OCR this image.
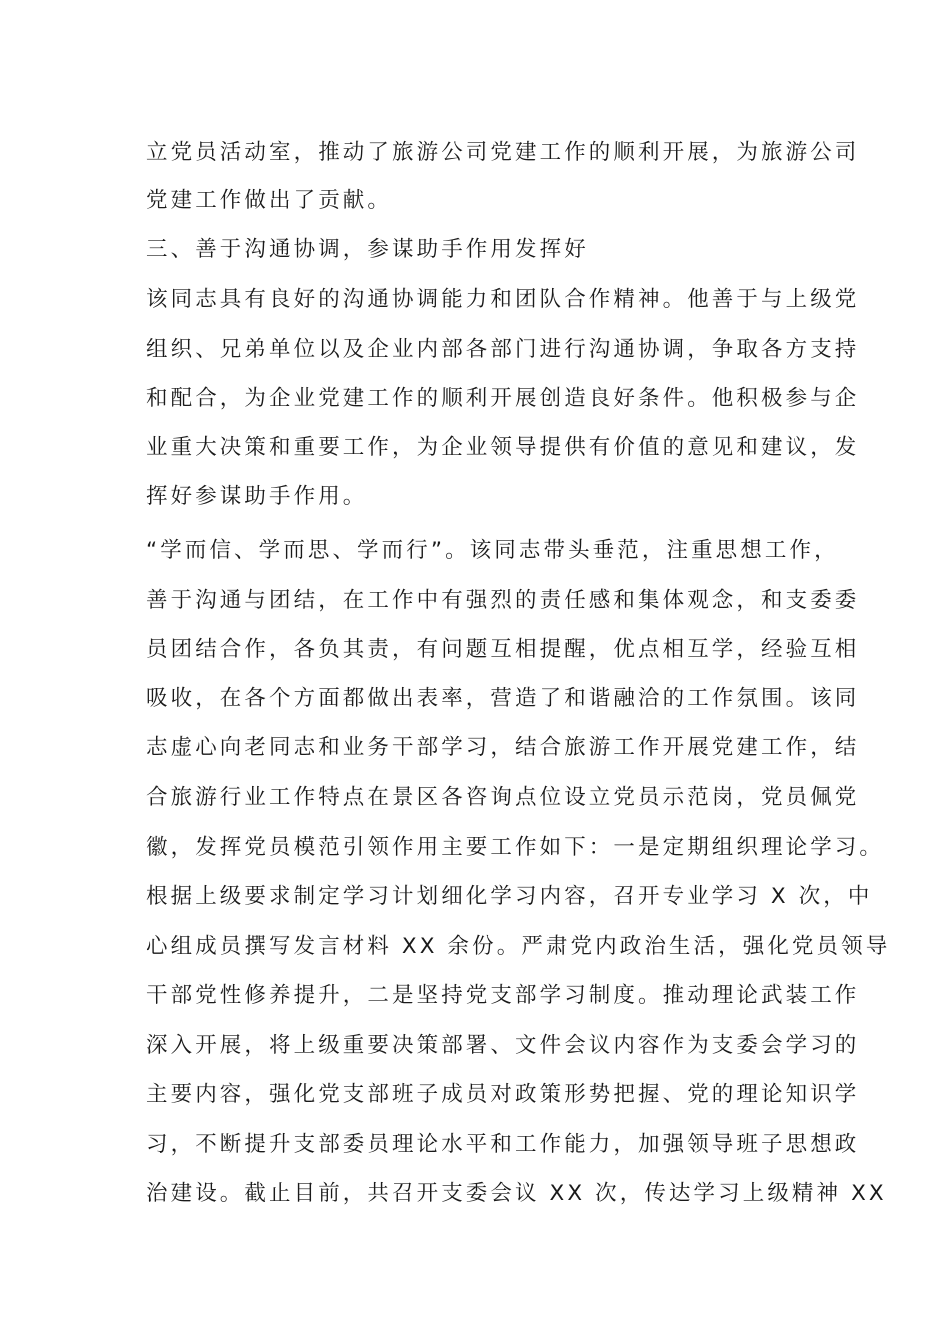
立党员活动室，推动了旅游公司党建工作的顺利开展，为旅游公司
党建工作做出了贡献。
三、善于沟通协调，参谋助手作用发挥好
该同志具有良好的沟通协调能力和团队合作精神。他善于与上级党
组织、兄弟单位以及企业内部各部门进行沟通协调，争取各方支持
和配合，为企业党建工作的顺利开展创造良好条件。他积极参与企
业重大决策和重要工作，为企业领导提供有价值的意见和建议，发
挥好参谋助手作用。
“学而信、学而思、学而行”。该同志带头垂范，注重思想工作，
善于沟通与团结，在工作中有强烈的责任感和集体观念，和支委委
员团结合作，各负其责，有问题互相提醒，优点相互学，经验互相
吸收，在各个方面都做出表率，营造了和谐融洽的工作氛围。该同
志虚心向老同志和业务干部学习，结合旅游工作开展党建工作，结
合旅游行业工作特点在景区各咨询点位设立党员示范岗，党员佩党
徽，发挥党员模范引领作用主要工作如下：一是定期组织理论学习。
根据上级要求制定学习计划细化学习内容，召开专业学习 X 次，中
心组成员撰写发言材料 XX 余份。严肃党内政治生活，强化党员领导
干部党性修养提升，二是坚持党支部学习制度。推动理论武装工作
深入开展，将上级重要决策部署、文件会议内容作为支委会学习的
主要内容，强化党支部班子成员对政策形势把握、党的理论知识学
习，不断提升支部委员理论水平和工作能力，加强领导班子思想政
治建设。截止目前，共召开支委会议 XX 次，传达学习上级精神 XX
